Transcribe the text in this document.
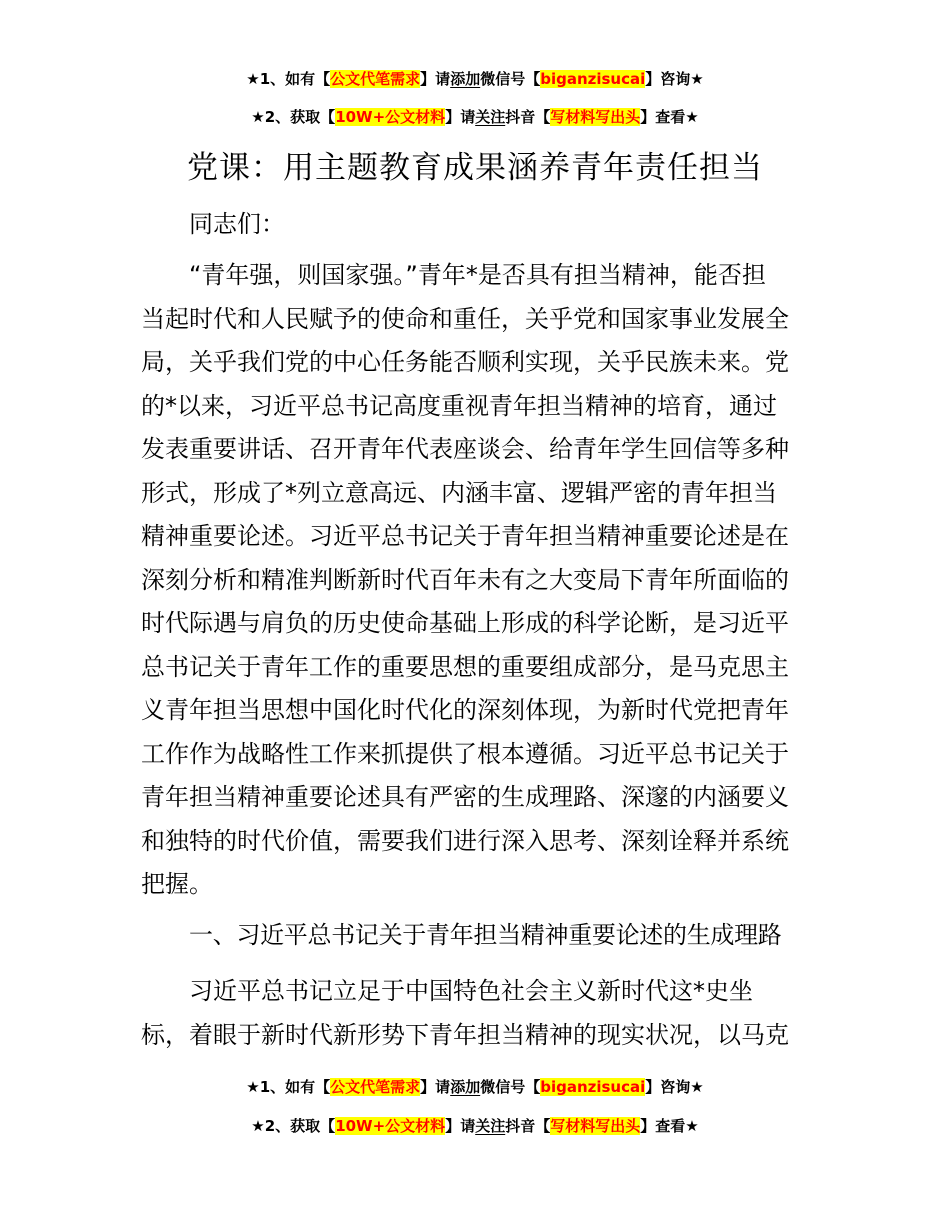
★1、如有【公文代笔需求】请添加微信号【biganzisucai】咨询★
★2、获取【10W+公文材料】请关注抖音【写材料写出头】查看★
党课：用主题教育成果涵养青年责任担当
同志们：
“青年强，则国家强。”青年*是否具有担当精神，能否担
当起时代和人民赋予的使命和重任，关乎党和国家事业发展全
局，关乎我们党的中心任务能否顺利实现，关乎民族未来。党
的*以来，习近平总书记高度重视青年担当精神的培育，通过
发表重要讲话、召开青年代表座谈会、给青年学生回信等多种
形式，形成了*列立意高远、内涵丰富、逻辑严密的青年担当
精神重要论述。习近平总书记关于青年担当精神重要论述是在
深刻分析和精准判断新时代百年未有之大变局下青年所面临的
时代际遇与肩负的历史使命基础上形成的科学论断，是习近平
总书记关于青年工作的重要思想的重要组成部分，是马克思主
义青年担当思想中国化时代化的深刻体现，为新时代党把青年
工作作为战略性工作来抓提供了根本遵循。习近平总书记关于
青年担当精神重要论述具有严密的生成理路、深邃的内涵要义
和独特的时代价值，需要我们进行深入思考、深刻诠释并系统
把握。
一、习近平总书记关于青年担当精神重要论述的生成理路
习近平总书记立足于中国特色社会主义新时代这*史坐
标，着眼于新时代新形势下青年担当精神的现实状况，以马克
★1、如有【公文代笔需求】请添加微信号【biganzisucai】咨询★
★2、获取【10W+公文材料】请关注抖音【写材料写出头】查看★
